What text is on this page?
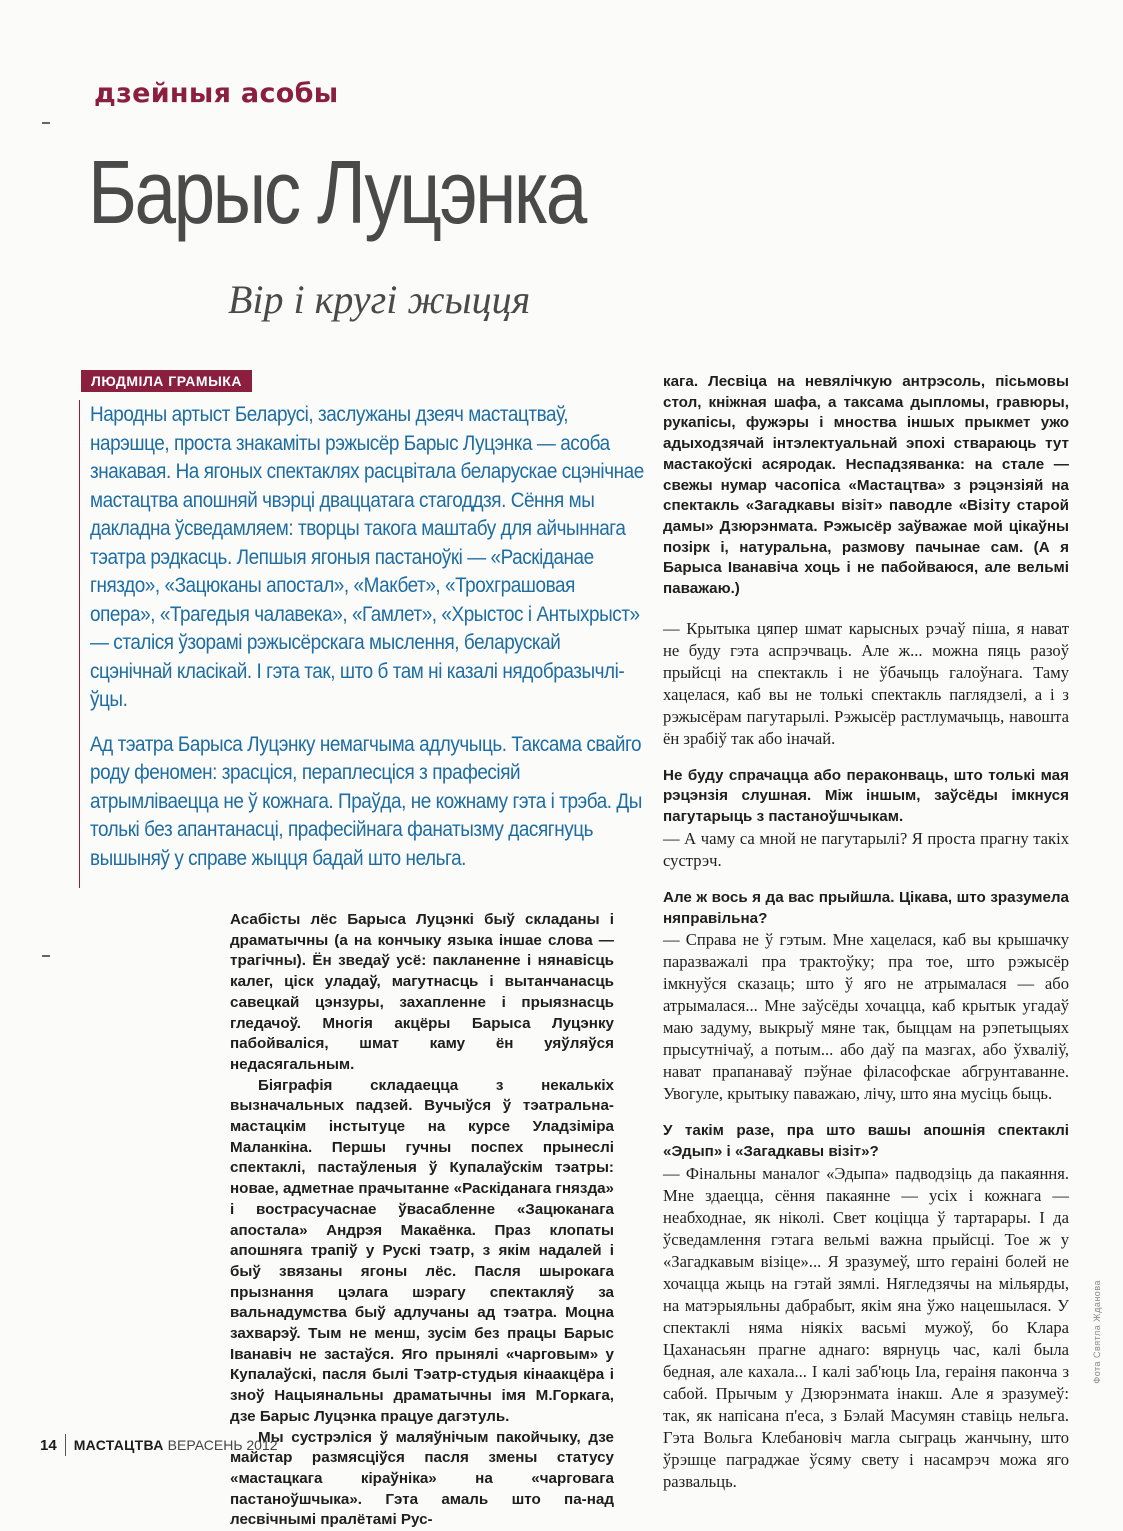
дзейныя асобы
Барыс Луцэнка
Вір і кругі жыцця
ЛЮДМІЛА ГРАМЫКА

Народны артыст Беларусі, заслужаны дзеяч мастацтваў, нарэшце, проста знакаміты рэжысёр Барыс Луцэнка — асоба знакавая. На ягоных спектаклях расцвітала беларускае сцэнічнае мастацтва апошняй чвэрці дваццатага стагоддзя. Сёння мы дакладна ўсведамляем: творцы такога маштабу для айчыннага тэатра рэдкасць. Лепшыя ягоныя пастаноўкі — «Раскіданае гняздо», «Зацюканы апостал», «Макбет», «Трохграшовая опера», «Трагедыя чалавека», «Гамлет», «Хрыстос і Антыхрыст» — сталіся ўзорамі рэжысёрскага мыслення, беларускай сцэнічнай класікай. І гэта так, што б там ні казалі нядобразычліўцы.

Ад тэатра Барыса Луцэнку немагчыма адлучыць. Таксама свайго роду феномен: зрасціся, пераплесціся з прафесіяй атрымліваецца не ў кожнага. Праўда, не кожнаму гэта і трэба. Ды толькі без апантанасці, прафесійнага фанатызму дасягнуць вышыняў у справе жыцця бадай што нельга.

Асабісты лёс Барыса Луцэнкі быў складаны і драматычны (а на кончыку языка іншае слова — трагічны). Ён зведаў усё: пакланенне і нянавісць калег, ціск уладаў, магутнасць і вытанчанасць савецкай цэнзуры, захапленне і прыязнасць гледачоў. Многія акцёры Барыса Луцэнку пабойваліся, шмат каму ён уяўляўся недасягальным.

Біяграфія складаецца з некалькіх вызначальных падзей. Вучыўся ў тэатральна-мастацкім інстытуце на курсе Уладзіміра Маланкіна. Першы гучны поспех прынеслі спектаклі, пастаўленыя ў Купалаўскім тэатры: новае, адметнае прачытанне «Раскіданага гнязда» і вострасучаснае ўвасабленне «Зацюканага апостала» Андрэя Макаёнка. Праз клопаты апошняга трапіў у Рускі тэатр, з якім надалей і быў звязаны ягоны лёс. Пасля шырокага прызнання цэлага шэрагу спектакляў за вальнадумства быў адлучаны ад тэатра. Моцна захварэў. Тым не менш, зусім без працы Барыс Іванавіч не застаўся. Яго прынялі «чарговым» у Купалаўскі, пасля былі Тэатр-студыя кінаакцёра і зноў Нацыянальны драматычны імя М.Горкага, дзе Барыс Луцэнка працуе дагэтуль.

Мы сустрэліся ў маляўнічым пакойчыку, дзе майстар размясціўся пасля змены статусу «мастацкага кіраўніка» на «чарговага пастаноўшчыка». Гэта амаль што па-над лесвічнымі пралётамі Рус-

кага. Лесвіца на невялічкую антрэсоль, пісьмовы стол, кніжная шафа, а таксама дыпломы, гравюры, рукапісы, фужэры і мноства іншых прыкмет ужо адыходзячай інтэлектуальнай эпохі ствараюць тут мастакоўскі асяродак. Неспадзяванка: на стале — свежы нумар часопіса «Мастацтва» з рэцэнзіяй на спектакль «Загадкавы візіт» паводле «Візіту старой дамы» Дзюрэнмата. Рэжысёр заўважае мой цікаўны позірк і, натуральна, размову пачынае сам. (А я Барыса Іванавіча хоць і не пабойваюся, але вельмі паважаю.)

— Крытыка цяпер шмат карысных рэчаў піша, я нават не буду гэта аспрэчваць. Але ж... можна пяць разоў прыйсці на спектакль і не ўбачыць галоўнага. Таму хацелася, каб вы не толькі спектакль паглядзелі, а і з рэжысёрам пагутарылі. Рэжысёр растлумачыць, навошта ён зрабіў так або іначай.

Не буду спрачацца або пераконваць, што толькі мая рэцэнзія слушная. Між іншым, заўсёды імкнуся пагутарыць з пастаноўшчыкам.

— А чаму са мной не пагутарылі? Я проста прагну такіх сустрэч.

Але ж вось я да вас прыйшла. Цікава, што зразумела няправільна?

— Справа не ў гэтым. Мне хацелася, каб вы крышачку паразважалі пра трактоўку; пра тое, што рэжысёр імкнуўся сказаць; што ў яго не атрымалася — або атрымалася... Мне заўсёды хочацца, каб крытык угадаў маю задуму, выкрыў мяне так, быццам на рэпетыцыях прысутнічаў, а потым... або даў па мазгах, або ўхваліў, нават прапанаваў пэўнае філасофскае абгрунтаванне. Увогуле, крытыку паважаю, лічу, што яна мусіць быць.

У такім разе, пра што вашы апошнія спектаклі «Эдып» і «Загадкавы візіт»?

— Фінальны маналог «Эдыпа» падводзіць да пакаяння. Мне здаецца, сёння пакаянне — усіх і кожнага — неабходнае, як ніколі. Свет коціцца ў тартарары. І да ўсведамлення гэтага вельмі важна прыйсці. Тое ж у «Загадкавым візіце»... Я зразумеў, што гераіні болей не хочацца жыць на гэтай зямлі. Нягледзячы на мільярды, на матэрыяльны дабрабыт, якім яна ўжо нацешылася. У спектаклі няма ніякіх васьмі мужоў, бо Клара Цаханасьян прагне аднаго: вярнуць час, калі была бедная, але кахала... І калі заб'юць Іла, гераіня паконча з сабой. Прычым у Дзюрэнмата інакш. Але я зразумеў: так, як напісана п'еса, з Бэлай Масумян ставіць нельга. Гэта Вольга Клебановіч магла сыграць жанчыну, што ўрэшце паграджае ўсяму свету і насамрэч можа яго развальць.

Фота Святла Жданова
14 МАСТАЦТВА ВЕРАСЕНЬ 2012
